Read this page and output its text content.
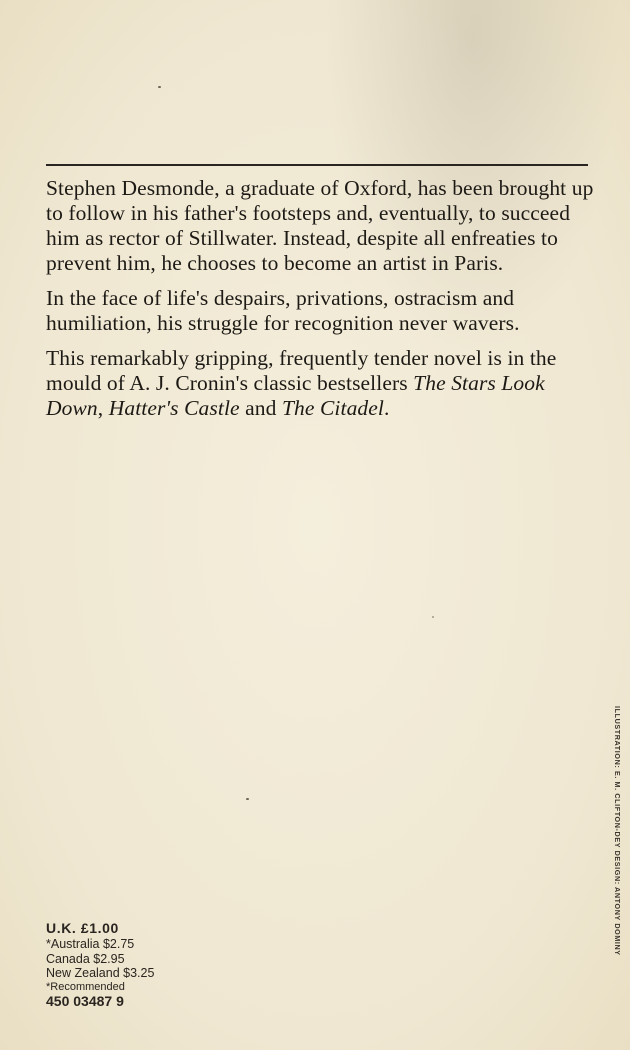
Stephen Desmonde, a graduate of Oxford, has been brought up to follow in his father's footsteps and, eventually, to succeed him as rector of Stillwater. Instead, despite all enfreaties to prevent him, he chooses to become an artist in Paris.

In the face of life's despairs, privations, ostracism and humiliation, his struggle for recognition never wavers.

This remarkably gripping, frequently tender novel is in the mould of A. J. Cronin's classic bestsellers The Stars Look Down, Hatter's Castle and The Citadel.

U.K. £1.00
*Australia $2.75
Canada $2.95
New Zealand $3.25
*Recommended
450 03487 9
ILLUSTRATION: E. M. CLIFTON-DEY DESIGN: ANTONY DOMINY
